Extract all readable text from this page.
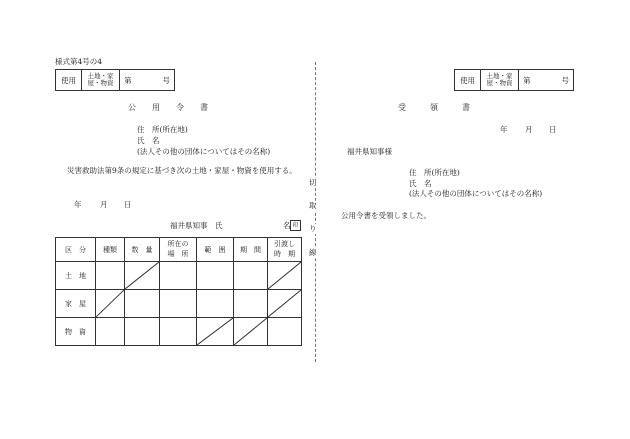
様式第4号の4
使用	土地・家屋・物資	第	号
公　　用　　令　　書
住　所(所在地)
氏　名
(法人その他の団体についてはその名称)
災害救助法第9条の規定に基づき次の土地・家屋・物資を使用する。
年 月 日
福井県知事　氏	名 印
区　分	種類	数　量	所在の場　所	範　囲	期　間	引渡し時　期

土　地		

家　屋	

物　資				

切
取
り
線
使用	土地・家屋・物資	第	号
受　　　領　　　書
年 月 日
福井県知事様
住　所(所在地)
氏　名
(法人その他の団体についてはその名称)
公用令書を受領しました。
